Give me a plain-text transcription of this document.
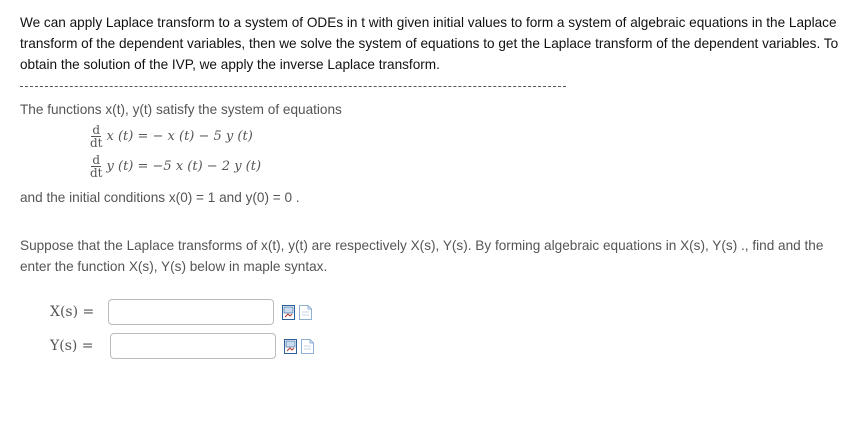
We can apply Laplace transform to a system of ODEs in t with given initial values to form a system of algebraic equations in the Laplace transform of the dependent variables, then we solve the system of equations to get the Laplace transform of the dependent variables. To obtain the solution of the IVP, we apply the inverse Laplace transform.
The functions x(t), y(t) satisfy the system of equations
$\frac{d}{dt}$ x (t) = − x (t) − 5 y (t)
$\frac{d}{dt}$ y (t) = −5 x (t) − 2 y (t)
and the initial conditions x(0) = 1 and y(0) = 0 .
Suppose that the Laplace transforms of x(t), y(t) are respectively X(s), Y(s). By forming algebraic equations in X(s), Y(s) ., find and the enter the function X(s), Y(s) below in maple syntax.
X(s) =
Y(s) =
